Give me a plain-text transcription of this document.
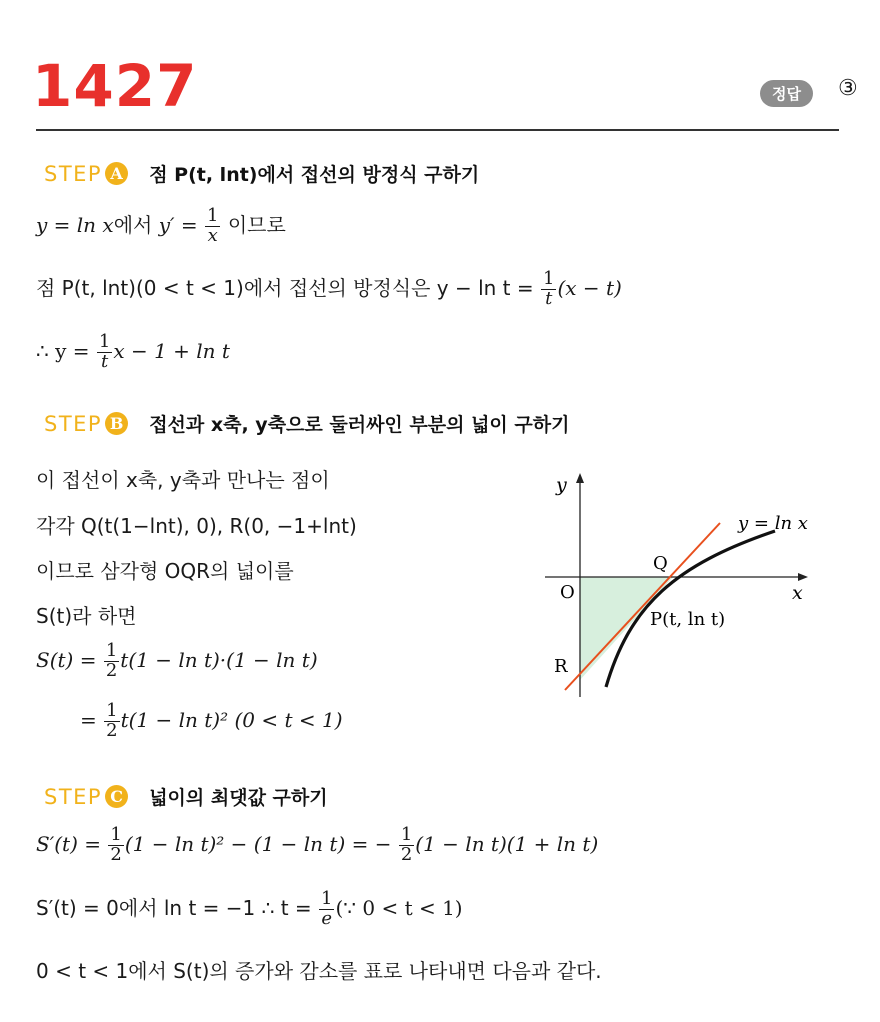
1427	정답	③
STEP A 점 P(t, lnt)에서 접선의 방정식 구하기
y = ln x에서 $y' = \frac{1}{x}$ 이므로
점 P(t, lnt)(0 < t < 1)에서 접선의 방정식은 $y - \ln t = \frac{1}{t} (x - t)$
∴ $y = \frac{1}{t}$ x − 1 + ln t
STEP B 접선과 x축, y축으로 둘러싸인 부분의 넓이 구하기
이 접선이 x축, y축과 만나는 점이
각각 Q(t(1−lnt), 0), R(0, −1+lnt)
이므로 삼각형 OQR의 넓이를
S(t)라 하면
$S(t) = \frac{1}{2} t(1 - \ln t)\cdot(1 - \ln t)$
= $\frac{1}{2} t(1 - \ln t)^2$ (0 < t < 1)
y
x
O
Q
R
P(t, ln t)
y = ln x
STEP C 넓이의 최댓값 구하기
$S'(t) = \frac{1}{2} (1 - \ln t)^2 - (1 - \ln t)$ = − $\frac{1}{2} (1 - \ln t)(1 + \ln t)$
S′(t) = 0에서 ln t = −1 ∴ $t = \frac{1}{e}$ (∵ 0 < t < 1)
0 < t < 1에서 S(t)의 증가와 감소를 표로 나타내면 다음과 같다.
